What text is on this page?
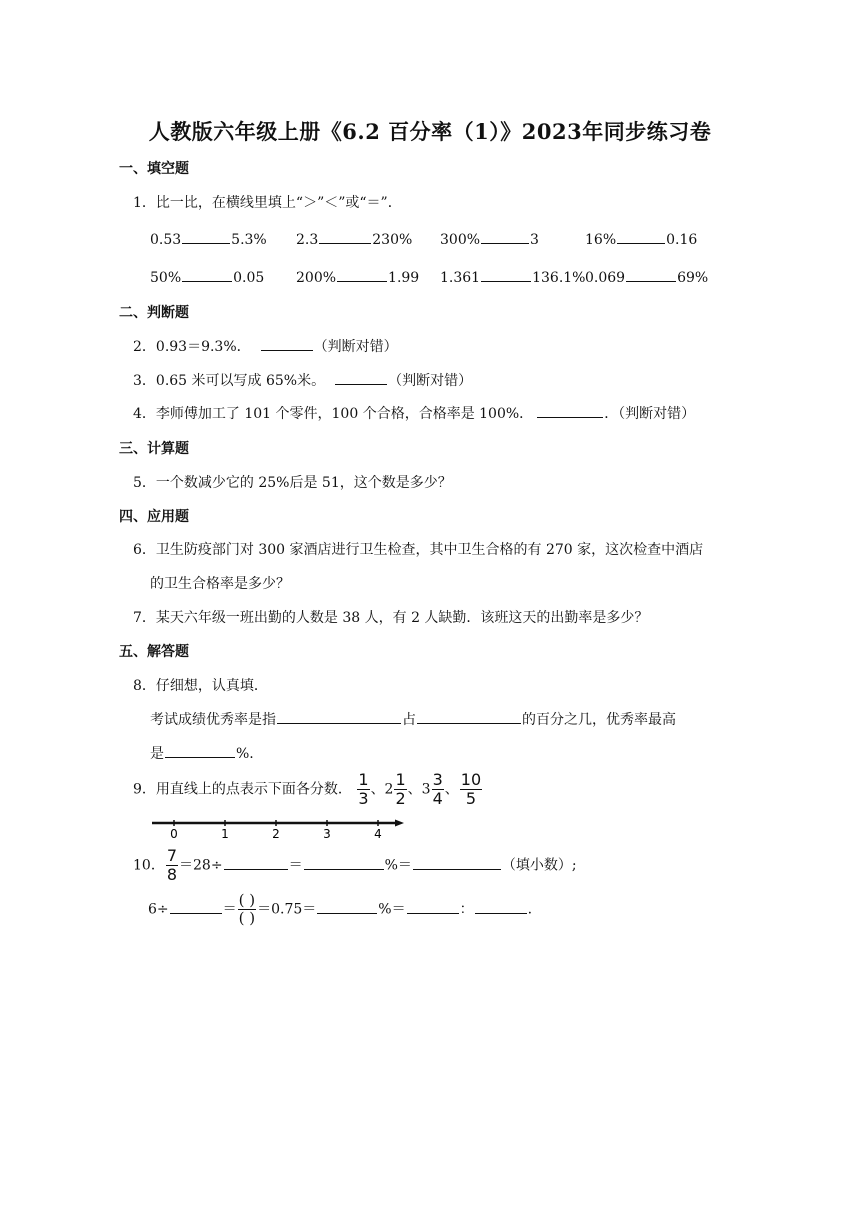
人教版六年级上册《6.2 百分率（1）》2023年同步练习卷
一、填空题
1．比一比，在横线里填上“＞”＜”或“＝”．
0.53	5.3% 2.3	230% 300%	3	16%	0.16
50%	0.05 200%	1.99 1.361	136.1% 0.069	69%
二、判断题
2．0.93＝9.3%．	（判断对错）
3．0.65 米可以写成 65%米。	（判断对错）
4．李师傅加工了 101 个零件，100 个合格，合格率是 100%．	．（判断对错）
三、计算题
5．一个数减少它的 25%后是 51，这个数是多少？
四、应用题
6．卫生防疫部门对 300 家酒店进行卫生检查，其中卫生合格的有 270 家，这次检查中酒店
的卫生合格率是多少？
7．某天六年级一班出勤的人数是 38 人，有 2 人缺勤．该班这天的出勤率是多少？
五、解答题
8．仔细想，认真填．
考试成绩优秀率是指	占	的百分之几，优秀率最高
是	%.
9．用直线上的点表示下面各分数． $\frac{1}{3}$ 、$2 \frac{1}{2}$ 、$3 \frac{3}{4}$ 、 $\frac{10}{5}$
0	1	2	3	4
10． $\frac{7}{8} =28\div$	＝	%＝	（填小数）;
6÷	＝ $\frac{( )}{( )} =0.75=$	%＝	：	.
